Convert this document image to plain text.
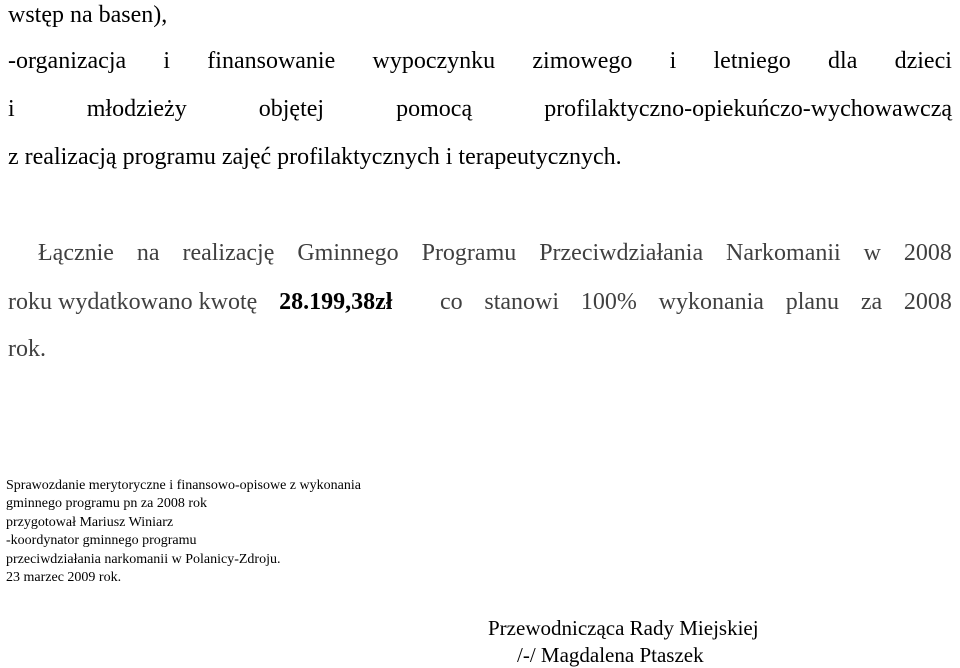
wstęp na basen),
-organizacja i finansowanie wypoczynku zimowego i letniego dla dzieci
i	młodzieży	objętej	pomocą	profilaktyczno-opiekuńczo-wychowawczą
z realizacją programu zajęć profilaktycznych i terapeutycznych.
Łącznie na realizację Gminnego Programu Przeciwdziałania Narkomanii w 2008
roku wydatkowano kwotę 28.199,38zł co stanowi 100% wykonania planu za 2008
rok.
Sprawozdanie merytoryczne i finansowo-opisowe z wykonania
gminnego programu pn za 2008 rok
przygotował Mariusz Winiarz
-koordynator gminnego programu
przeciwdziałania narkomanii w Polanicy-Zdroju.
23 marzec 2009 rok.
Przewodnicząca Rady Miejskiej
/-/ Magdalena Ptaszek
